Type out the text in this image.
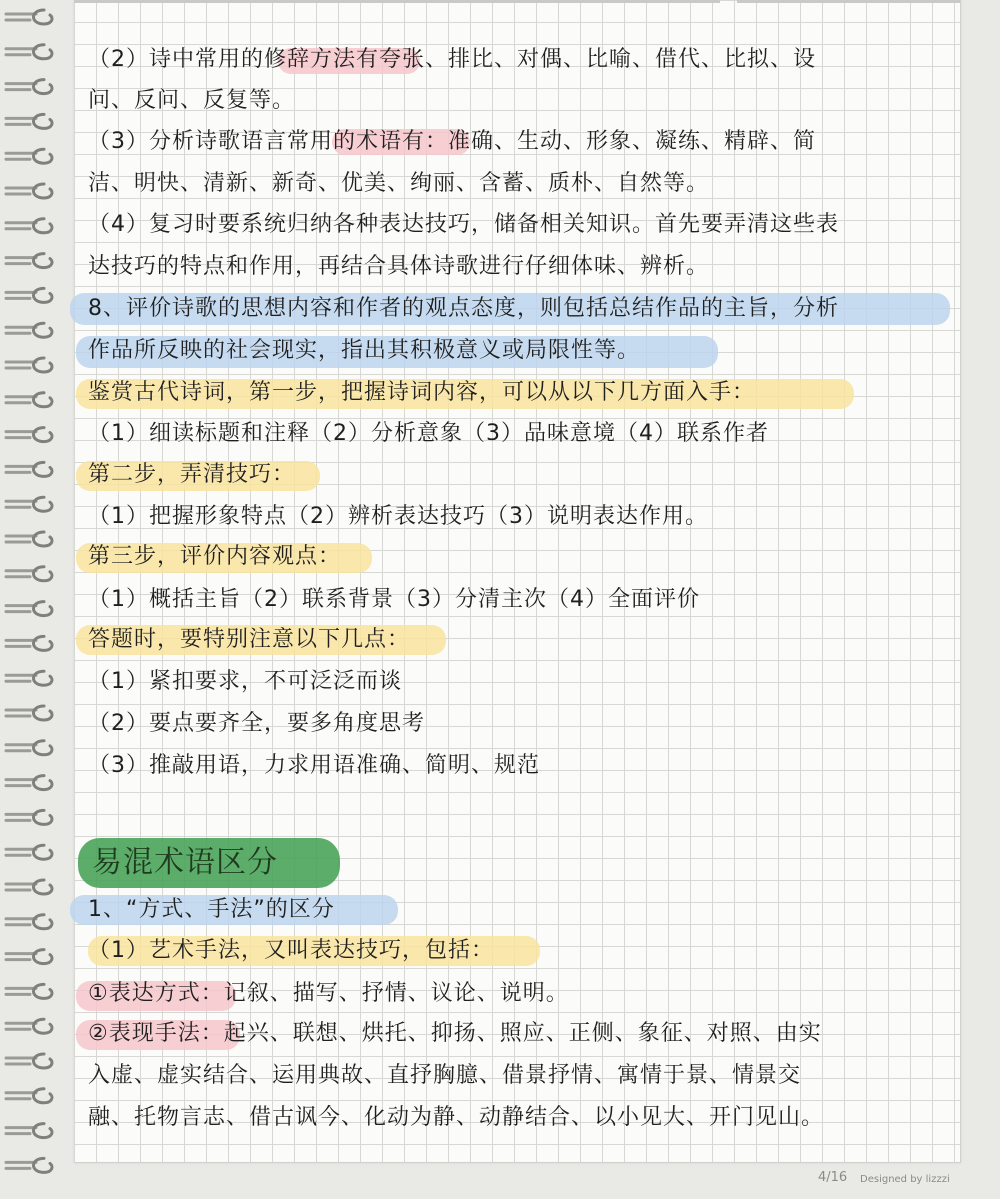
（2）诗中常用的修辞方法有夸张、排比、对偶、比喻、借代、比拟、设
问、反问、反复等。
（3）分析诗歌语言常用的术语有：准确、生动、形象、凝练、精辟、简
洁、明快、清新、新奇、优美、绚丽、含蓄、质朴、自然等。
（4）复习时要系统归纳各种表达技巧，储备相关知识。首先要弄清这些表
达技巧的特点和作用，再结合具体诗歌进行仔细体味、辨析。
8、评价诗歌的思想内容和作者的观点态度，则包括总结作品的主旨，分析
作品所反映的社会现实，指出其积极意义或局限性等。
鉴赏古代诗词，第一步，把握诗词内容，可以从以下几方面入手：
（1）细读标题和注释（2）分析意象（3）品味意境（4）联系作者
第二步，弄清技巧：
（1）把握形象特点（2）辨析表达技巧（3）说明表达作用。
第三步，评价内容观点：
（1）概括主旨（2）联系背景（3）分清主次（4）全面评价
答题时，要特别注意以下几点：
（1）紧扣要求，不可泛泛而谈
（2）要点要齐全，要多角度思考
（3）推敲用语，力求用语准确、简明、规范
易混术语区分
1、“方式、手法”的区分
（1）艺术手法，又叫表达技巧，包括：
①表达方式：记叙、描写、抒情、议论、说明。
②表现手法：起兴、联想、烘托、抑扬、照应、正侧、象征、对照、由实
入虚、虚实结合、运用典故、直抒胸臆、借景抒情、寓情于景、情景交
融、托物言志、借古讽今、化动为静、动静结合、以小见大、开门见山。
4/16 Designed by lizzzi
